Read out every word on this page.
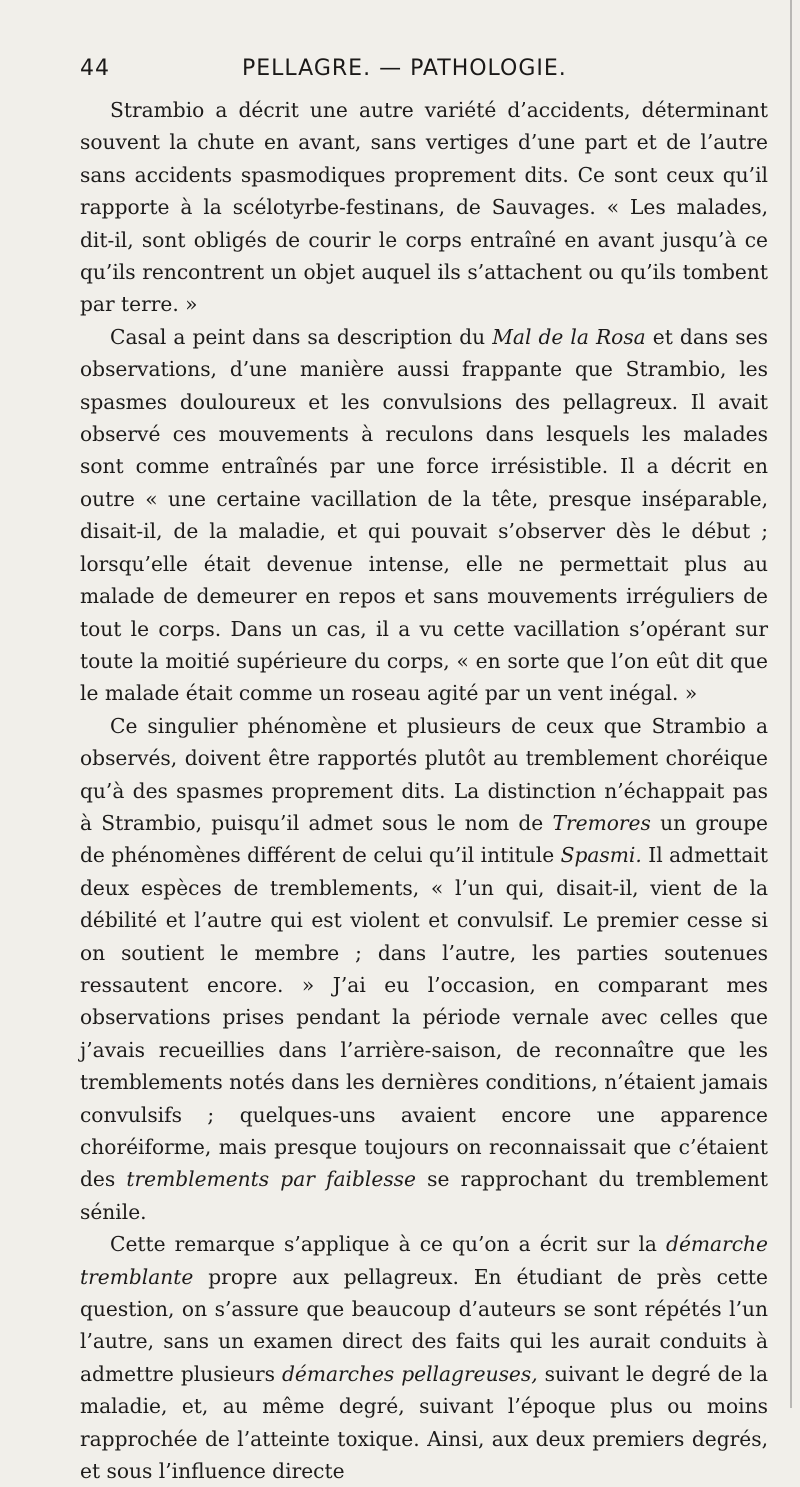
44	PELLAGRE. — PATHOLOGIE.

Strambio a décrit une autre variété d’accidents, déterminant souvent la chute en avant, sans vertiges d’une part et de l’autre sans accidents spasmodiques proprement dits. Ce sont ceux qu’il rapporte à la scélotyrbe-festinans, de Sauvages. « Les malades, dit-il, sont obligés de courir le corps entraîné en avant jusqu’à ce qu’ils rencontrent un objet auquel ils s’attachent ou qu’ils tombent par terre. »

Casal a peint dans sa description du Mal de la Rosa et dans ses observations, d’une manière aussi frappante que Strambio, les spasmes douloureux et les convulsions des pellagreux. Il avait observé ces mouvements à reculons dans lesquels les malades sont comme entraînés par une force irrésistible. Il a décrit en outre « une certaine vacillation de la tête, presque inséparable, disait-il, de la maladie, et qui pouvait s’observer dès le début ; lorsqu’elle était devenue intense, elle ne permettait plus au malade de demeurer en repos et sans mouvements irréguliers de tout le corps. Dans un cas, il a vu cette vacillation s’opérant sur toute la moitié supérieure du corps, « en sorte que l’on eût dit que le malade était comme un roseau agité par un vent inégal. »

Ce singulier phénomène et plusieurs de ceux que Strambio a observés, doivent être rapportés plutôt au tremblement choréique qu’à des spasmes proprement dits. La distinction n’échappait pas à Strambio, puisqu’il admet sous le nom de Tremores un groupe de phénomènes différent de celui qu’il intitule Spasmi. Il admettait deux espèces de tremblements, « l’un qui, disait-il, vient de la débilité et l’autre qui est violent et convulsif. Le premier cesse si on soutient le membre ; dans l’autre, les parties soutenues ressautent encore. » J’ai eu l’occasion, en comparant mes observations prises pendant la période vernale avec celles que j’avais recueillies dans l’arrière-saison, de reconnaître que les tremblements notés dans les dernières conditions, n’étaient jamais convulsifs ; quelques-uns avaient encore une apparence choréiforme, mais presque toujours on reconnaissait que c’étaient des tremblements par faiblesse se rapprochant du tremblement sénile.

Cette remarque s’applique à ce qu’on a écrit sur la démarche tremblante propre aux pellagreux. En étudiant de près cette question, on s’assure que beaucoup d’auteurs se sont répétés l’un l’autre, sans un examen direct des faits qui les aurait conduits à admettre plusieurs démarches pellagreuses, suivant le degré de la maladie, et, au même degré, suivant l’époque plus ou moins rapprochée de l’atteinte toxique. Ainsi, aux deux premiers degrés, et sous l’influence directe
